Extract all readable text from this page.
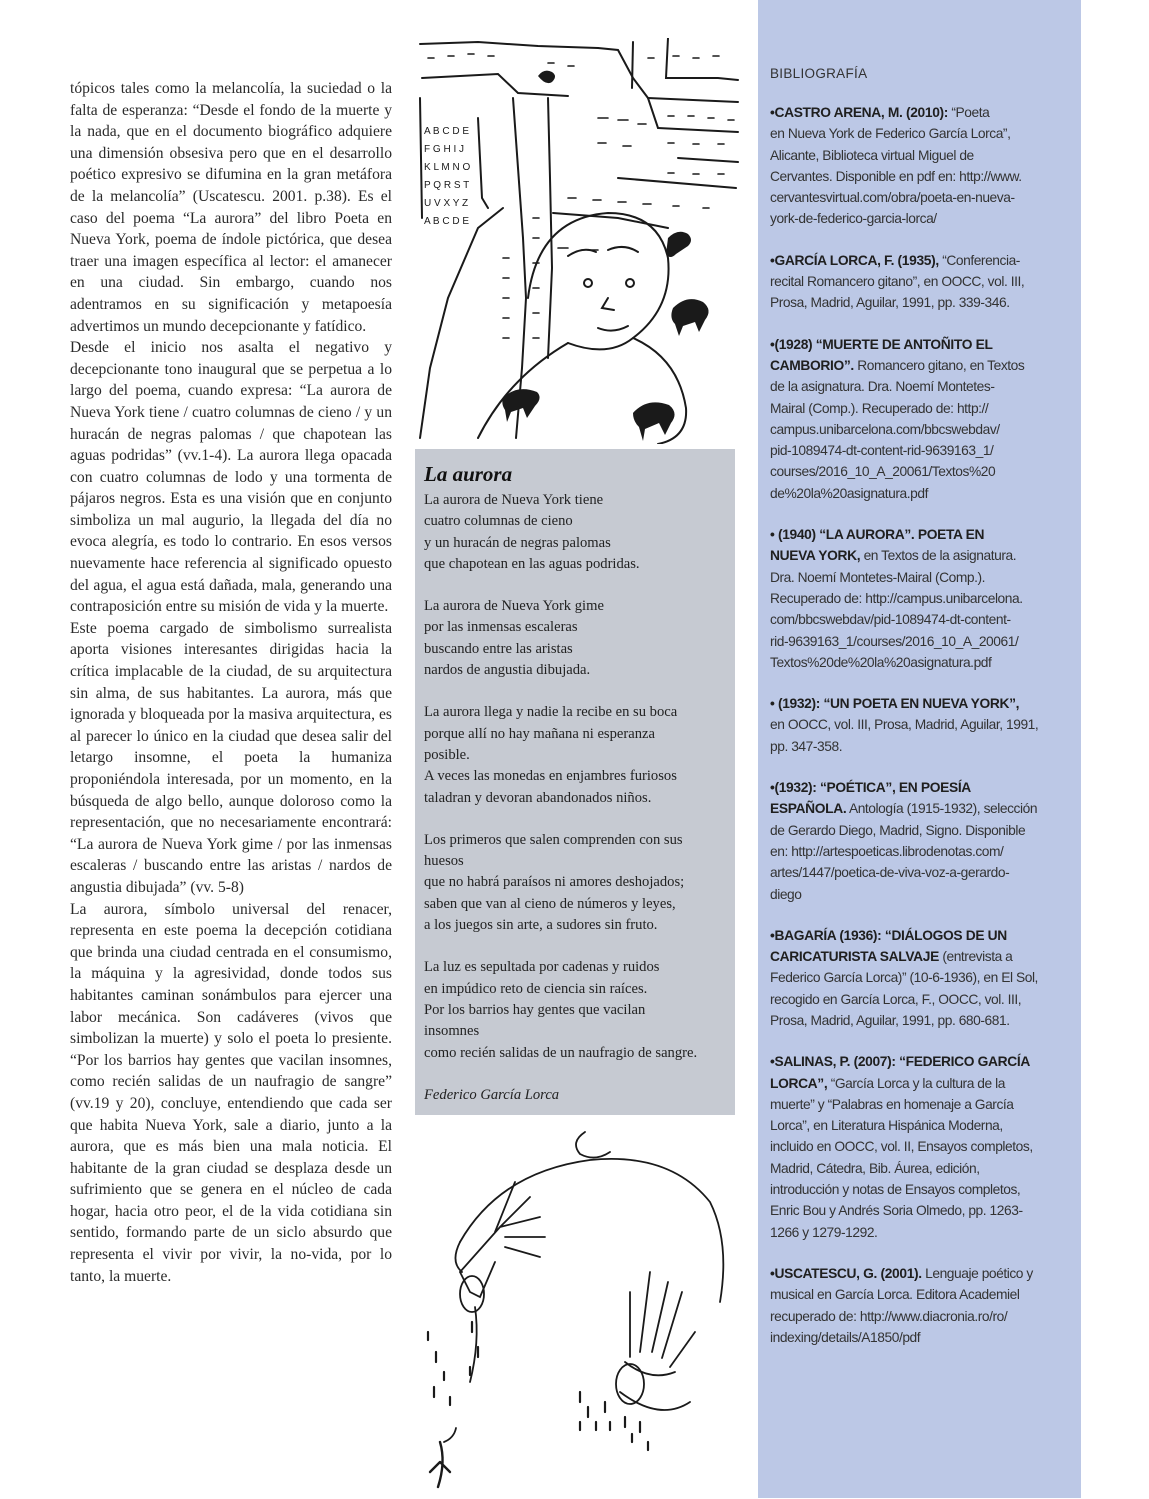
tópicos tales como la melancolía, la suciedad o la falta de esperanza: “Desde el fondo de la muerte y la nada, que en el documento biográfico adquiere una dimensión obsesiva pero que en el desarrollo poético expresivo se difumina en la gran metáfora de la melancolía” (Uscatescu. 2001. p.38). Es el caso del poema “La aurora” del libro Poeta en Nueva York, poema de índole pictórica, que desea traer una imagen específica al lector: el amanecer en una ciudad. Sin embargo, cuando nos adentramos en su significación y metapoesía advertimos un mundo decepcionante y fatídico.

Desde el inicio nos asalta el negativo y decepcionante tono inaugural que se perpetua a lo largo del poema, cuando expresa: “La aurora de Nueva York tiene / cuatro columnas de cieno / y un huracán de negras palomas / que chapotean las aguas podridas” (vv.1-4). La aurora llega opacada con cuatro columnas de lodo y una tormenta de pájaros negros. Esta es una visión que en conjunto simboliza un mal augurio, la llegada del día no evoca alegría, es todo lo contrario. En esos versos nuevamente hace referencia al significado opuesto del agua, el agua está dañada, mala, generando una contraposición entre su misión de vida y la muerte.

Este poema cargado de simbolismo surrealista aporta visiones interesantes dirigidas hacia la crítica implacable de la ciudad, de su arquitectura sin alma, de sus habitantes. La aurora, más que ignorada y bloqueada por la masiva arquitectura, es al parecer lo único en la ciudad que desea salir del letargo insomne, el poeta la humaniza proponiéndola interesada, por un momento, en la búsqueda de algo bello, aunque doloroso como la representación, que no necesariamente encontrará: “La aurora de Nueva York gime / por las inmensas escaleras / buscando entre las aristas / nardos de angustia dibujada” (vv. 5-8)

La aurora, símbolo universal del renacer, representa en este poema la decepción cotidiana que brinda una ciudad centrada en el consumismo, la máquina y la agresividad, donde todos sus habitantes caminan sonámbulos para ejercer una labor mecánica. Son cadáveres (vivos que simbolizan la muerte) y solo el poeta lo presiente. “Por los barrios hay gentes que vacilan insomnes, como recién salidas de un naufragio de sangre” (vv.19 y 20), concluye, entendiendo que cada ser que habita Nueva York, sale a diario, junto a la aurora, que es más bien una mala noticia. El habitante de la gran ciudad se desplaza desde un sufrimiento que se genera en el núcleo de cada hogar, hacia otro peor, el de la vida cotidiana sin sentido, formando parte de un siclo absurdo que representa el vivir por vivir, la no-vida, por lo tanto, la muerte.

A B C D E
F G H I J
K L M N O
P Q R S T
U V X Y Z
A B C D E
La aurora
La aurora de Nueva York tiene
cuatro columnas de cieno
y un huracán de negras palomas
que chapotean en las aguas podridas.
La aurora de Nueva York gime
por las inmensas escaleras
buscando entre las aristas
nardos de angustia dibujada.
La aurora llega y nadie la recibe en su boca
porque allí no hay mañana ni esperanza
posible.
A veces las monedas en enjambres furiosos
taladran y devoran abandonados niños.
Los primeros que salen comprenden con sus
huesos
que no habrá paraísos ni amores deshojados;
saben que van al cieno de números y leyes,
a los juegos sin arte, a sudores sin fruto.
La luz es sepultada por cadenas y ruidos
en impúdico reto de ciencia sin raíces.
Por los barrios hay gentes que vacilan
insomnes
como recién salidas de un naufragio de sangre.
Federico García Lorca
BIBLIOGRAFÍA
•CASTRO ARENA, M. (2010): “Poeta
en Nueva York de Federico García Lorca”,
Alicante, Biblioteca virtual Miguel de
Cervantes. Disponible en pdf en: http://www.
cervantesvirtual.com/obra/poeta-en-nueva-
york-de-federico-garcia-lorca/
•GARCÍA LORCA, F. (1935), “Conferencia-
recital Romancero gitano”, en OOCC, vol. III,
Prosa, Madrid, Aguilar, 1991, pp. 339-346.
•(1928) “MUERTE DE ANTOÑITO EL
CAMBORIO”. Romancero gitano, en Textos
de la asignatura. Dra. Noemí Montetes-
Mairal (Comp.). Recuperado de: http://
campus.unibarcelona.com/bbcswebdav/
pid-1089474-dt-content-rid-9639163_1/
courses/2016_10_A_20061/Textos%20
de%20la%20asignatura.pdf
• (1940) “LA AURORA”. POETA EN
NUEVA YORK, en Textos de la asignatura.
Dra. Noemí Montetes-Mairal (Comp.).
Recuperado de: http://campus.unibarcelona.
com/bbcswebdav/pid-1089474-dt-content-
rid-9639163_1/courses/2016_10_A_20061/
Textos%20de%20la%20asignatura.pdf
• (1932): “UN POETA EN NUEVA YORK”,
en OOCC, vol. III, Prosa, Madrid, Aguilar, 1991,
pp. 347-358.
•(1932): “POÉTICA”, EN POESÍA
ESPAÑOLA. Antología (1915-1932), selección
de Gerardo Diego, Madrid, Signo. Disponible
en: http://artespoeticas.librodenotas.com/
artes/1447/poetica-de-viva-voz-a-gerardo-
diego
•BAGARÍA (1936): “DIÁLOGOS DE UN
CARICATURISTA SALVAJE (entrevista a
Federico García Lorca)” (10-6-1936), en El Sol,
recogido en García Lorca, F., OOCC, vol. III,
Prosa, Madrid, Aguilar, 1991, pp. 680-681.
•SALINAS, P. (2007): “FEDERICO GARCÍA
LORCA”, “García Lorca y la cultura de la
muerte” y “Palabras en homenaje a García
Lorca”, en Literatura Hispánica Moderna,
incluido en OOCC, vol. II, Ensayos completos,
Madrid, Cátedra, Bib. Áurea, edición,
introducción y notas de Ensayos completos,
Enric Bou y Andrés Soria Olmedo, pp. 1263-
1266 y 1279-1292.
•USCATESCU, G. (2001). Lenguaje poético y
musical en García Lorca. Editora Academiel
recuperado de: http://www.diacronia.ro/ro/
indexing/details/A1850/pdf
